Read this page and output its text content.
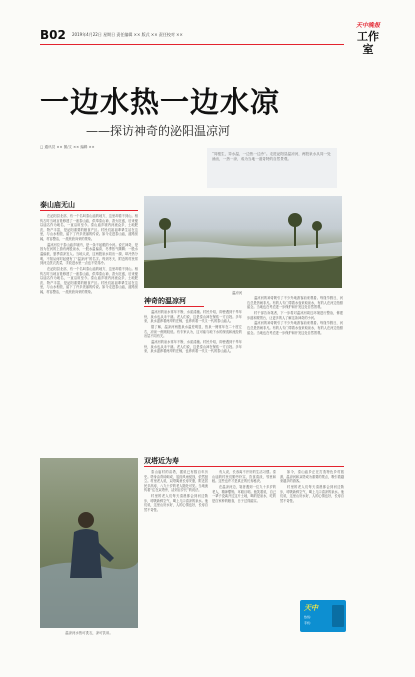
B02 2019年4月22日 星期日 责任编辑 ×× 版式 ×× 责任校对 ××
天中晚报
工作室
一边水热一边水凉
——探访神奇的泌阳温凉河
□ 通讯员 ×× 图/文 ×× 编辑 ××
“同根生，异水温，一边热一边冷”。走进泌阳县温凉河，两股泉水从同一处涌出，一热一凉，成为当地一道奇特的自然景观。
泰山庙无山

在泌阳县北部，有一个名叫泰山庙的地方，这里却看不到山。相传古时当地百姓修建了一座泰山庙，供奉泰山神，香火旺盛，后来便以庙名作为地名，一直沿用至今。泰山庙乡境内河流众多，土地肥沃，物产丰富，是泌阳重要的粮食产区。村民们祖祖辈辈生活在这里，与山水相依，留下了许多美丽的传说。如今走进泰山庙，道路宽阔，村容整洁，一派欣欣向荣的景象。

温凉河位于泰山庙乡境内，是一条不起眼的小河。说它神奇，是因为在河的上游有两股泉水，一股水温偏高，冬季热气腾腾；一股水温偏低，夏季清凉宜人。当地人说，这两股泉水同出一源，却冷热分明，不知从何时起便有了“温凉河”的名字。每到冬天，附近的村民常到河边洗衣洗菜，手放进水里一点也不觉得冷。

在泌阳县北部，有一个名叫泰山庙的地方，这里却看不到山。相传古时当地百姓修建了一座泰山庙，供奉泰山神，香火旺盛，后来便以庙名作为地名，一直沿用至今。泰山庙乡境内河流众多，土地肥沃，物产丰富，是泌阳重要的粮食产区。村民们祖祖辈辈生活在这里，与山水相依，留下了许多美丽的传说。如今走进泰山庙，道路宽阔，村容整洁，一派欣欣向荣的景象。	温凉河
神奇的温凉河

温凉河的泉水常年不断，水质清澈。村民介绍，即使遇到干旱年份，泉水也从未干涸。老人们说，这是泰山神在保佑一方百姓。多年来，泉水滋养着两岸的庄稼，也养育着一代又一代的泰山庙人。

据了解，温凉河两股泉水温差明显，热泉一侧常年在二十度左右，凉泉一侧则较低。有专家认为，这可能与地下水的深浅和流经的岩层不同有关。

温凉河的泉水常年不断，水质清澈。村民介绍，即使遇到干旱年份，泉水也从未干涸。老人们说，这是泰山神在保佑一方百姓。多年来，泉水滋养着两岸的庄稼，也养育着一代又一代的泰山庙人。

温凉河的神奇吸引了不少外地游客前来观看。每逢节假日，河边总是热闹非凡。有的人专门带着水壶来取泉水，有的人在河边拍照留念。当地也在考虑进一步保护和开发这处自然景观。

村干部告诉笔者，下一步将对温凉河周边环境进行整治，修建步道和观景台，让更多的人了解这条神奇的小河。

温凉河的神奇吸引了不少外地游客前来观看。每逢节假日，河边总是热闹非凡。有的人专门带着水壶来取泉水，有的人在河边拍照留念。当地也在考虑进一步保护和开发这处自然景观。

双塔近为寿
温凉河水热可洗衣，凉可饮用。

泰山庙村的双塔，据说已有数百年历史。塔身由青砖砌成，虽经风雨侵蚀，依然挺立。村里老人说，双塔寓意长寿安康，附近居民多高寿，八九十岁的老人随处可见。当地流传着“住在双塔旁，活到百岁长”的说法。

村里的老人们每天清晨都会到河边散步，呼吸新鲜空气，喝上几口清凉的泉水。他们说，这里山好水好，人的心情也好，长寿自然不奇怪。

有人说，长寿离不开好的生活习惯。泰山庙的村民们勤劳朴实，饮食清淡，邻里和睦。这些也许才是真正的长寿秘诀。

在温凉河边，笔者遇到一位九十多岁的老人，精神矍铄，耳聪目明。他笑着说，自己一辈子没离开过这片土地，喝的是泉水，吃的是自家种的粮食，日子过得踏实。

如今，泰山庙乡正在打造特色乡村旅游，温凉河和双塔成为重要的景点，吸引着越来越多的游客。

村里的老人们每天清晨都会到河边散步，呼吸新鲜空气，喝上几口清凉的泉水。他们说，这里山好水好，人的心情也好，长寿自然不奇怪。

天中
热线：
手机：
